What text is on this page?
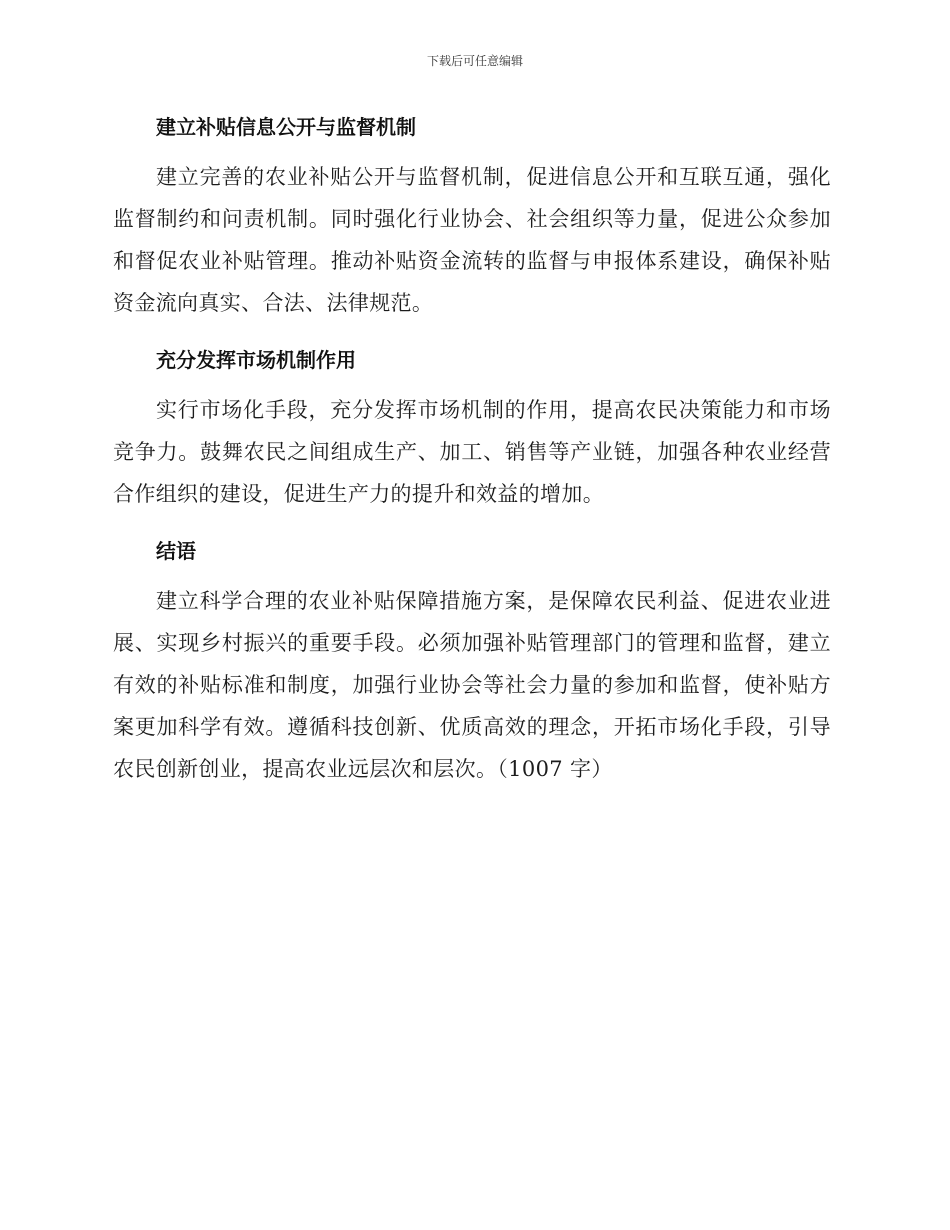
下载后可任意编辑
建立补贴信息公开与监督机制

建立完善的农业补贴公开与监督机制，促进信息公开和互联互通，强化监督制约和问责机制。同时强化行业协会、社会组织等力量，促进公众参加和督促农业补贴管理。推动补贴资金流转的监督与申报体系建设，确保补贴资金流向真实、合法、法律规范。

充分发挥市场机制作用

实行市场化手段，充分发挥市场机制的作用，提高农民决策能力和市场竞争力。鼓舞农民之间组成生产、加工、销售等产业链，加强各种农业经营合作组织的建设，促进生产力的提升和效益的增加。

结语

建立科学合理的农业补贴保障措施方案，是保障农民利益、促进农业进展、实现乡村振兴的重要手段。必须加强补贴管理部门的管理和监督，建立有效的补贴标准和制度，加强行业协会等社会力量的参加和监督，使补贴方案更加科学有效。遵循科技创新、优质高效的理念，开拓市场化手段，引导农民创新创业，提高农业远层次和层次。（1007 字）
